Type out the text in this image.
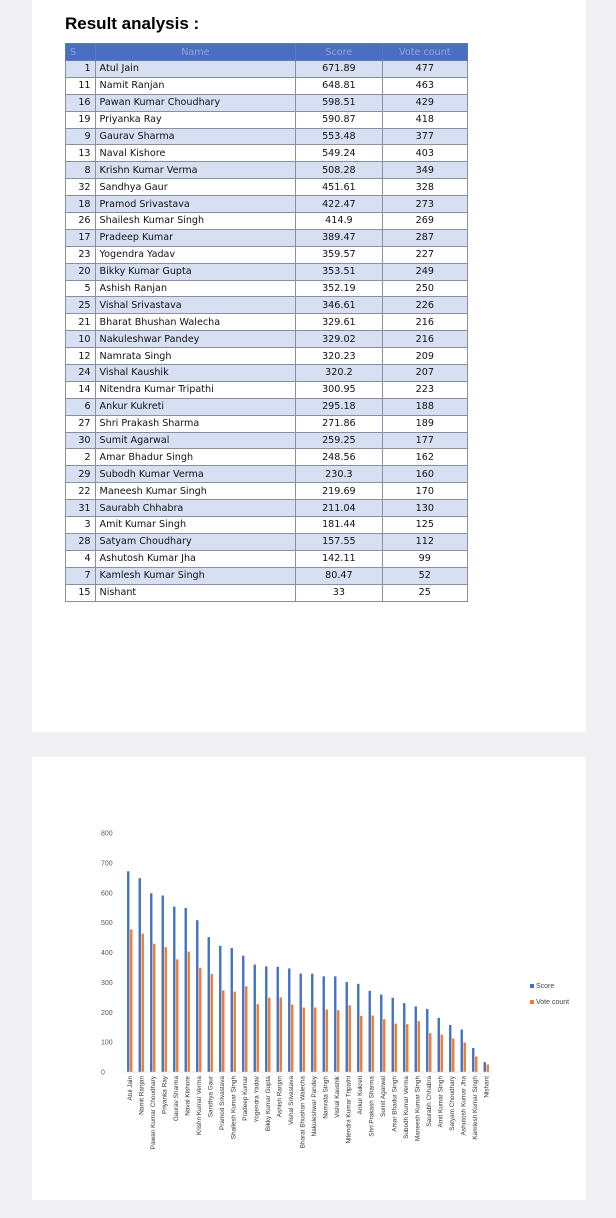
Result analysis :
S	Name	Score	Vote count
1	Atul Jain	671.89	477
11	Namit Ranjan	648.81	463
16	Pawan Kumar Choudhary	598.51	429
19	Priyanka Ray	590.87	418
9	Gaurav Sharma	553.48	377
13	Naval Kishore	549.24	403
8	Krishn Kumar Verma	508.28	349
32	Sandhya Gaur	451.61	328
18	Pramod Srivastava	422.47	273
26	Shailesh Kumar Singh	414.9	269
17	Pradeep Kumar	389.47	287
23	Yogendra Yadav	359.57	227
20	Bikky Kumar Gupta	353.51	249
5	Ashish Ranjan	352.19	250
25	Vishal Srivastava	346.61	226
21	Bharat Bhushan Walecha	329.61	216
10	Nakuleshwar Pandey	329.02	216
12	Namrata Singh	320.23	209
24	Vishal Kaushik	320.2	207
14	Nitendra Kumar Tripathi	300.95	223
6	Ankur Kukreti	295.18	188
27	Shri Prakash Sharma	271.86	189
30	Sumit Agarwal	259.25	177
2	Amar Bhadur Singh	248.56	162
29	Subodh Kumar Verma	230.3	160
22	Maneesh Kumar Singh	219.69	170
31	Saurabh Chhabra	211.04	130
3	Amit Kumar Singh	181.44	125
28	Satyam Choudhary	157.55	112
4	Ashutosh Kumar Jha	142.11	99
7	Kamlesh Kumar Singh	80.47	52
15	Nishant	33	25
0
100
200
300
400
500
600
700
800
Atul Jain Namit Ranjan Pawan Kumar Choudhary Priyanka Ray Gaurav Sharma Naval Kishore Krishn Kumar Verma Sandhya Gaur Pramod Srivastava Shailesh Kumar Singh Pradeep Kumar Yogendra Yadav Bikky Kumar Gupta Ashish Ranjan Vishal Srivastava Bharat Bhushan Walecha Nakuleshwar Pandey Namrata Singh Vishal Kaushik Nitendra Kumar Tripathi Ankur Kukreti Shri Prakash Sharma Sumit Agarwal Amar Bhadur Singh Subodh Kumar Verma Maneesh Kumar Singh Saurabh Chhabra Amit Kumar Singh Satyam Choudhary Ashutosh Kumar Jha Kamlesh Kumar Singh Nishant
Score
Vote count
